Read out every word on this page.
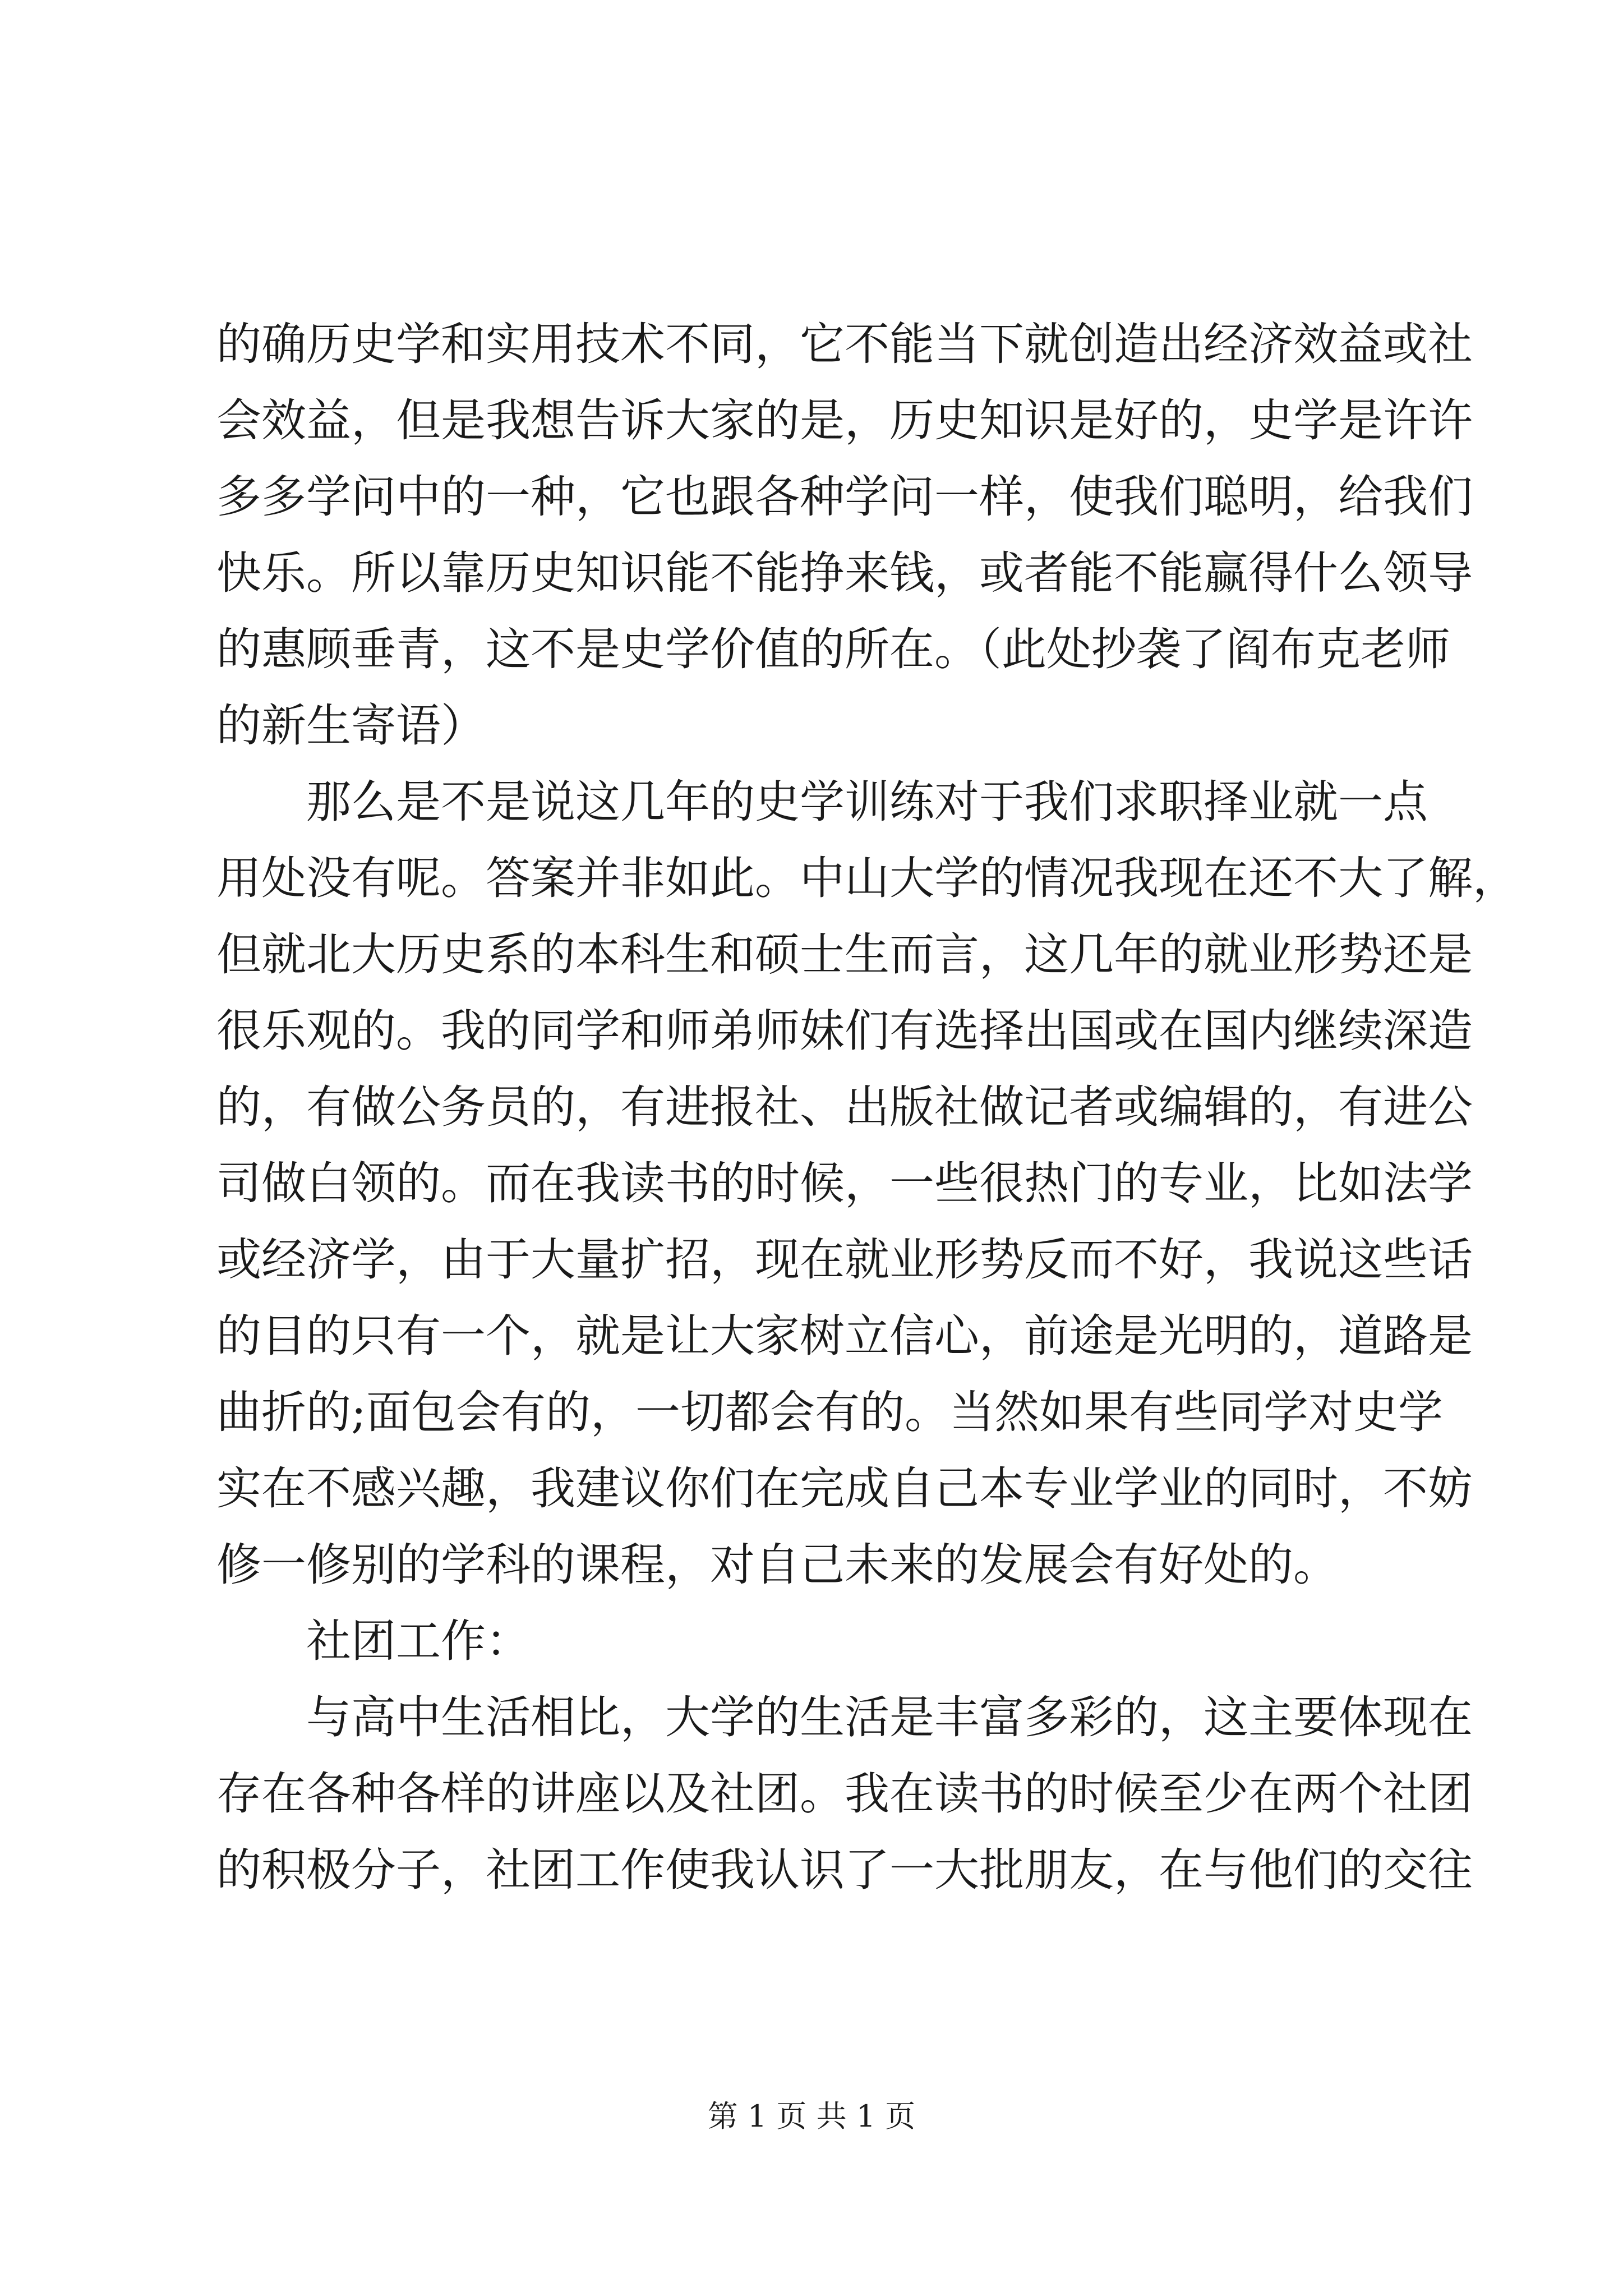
的确历史学和实用技术不同，它不能当下就创造出经济效益或社

会效益，但是我想告诉大家的是，历史知识是好的，史学是许许

多多学问中的一种，它也跟各种学问一样，使我们聪明，给我们

快乐。所以靠历史知识能不能挣来钱，或者能不能赢得什么领导

的惠顾垂青，这不是史学价值的所在。（此处抄袭了阎布克老师

的新生寄语）

那么是不是说这几年的史学训练对于我们求职择业就一点

用处没有呢。答案并非如此。中山大学的情况我现在还不大了解，

但就北大历史系的本科生和硕士生而言，这几年的就业形势还是

很乐观的。我的同学和师弟师妹们有选择出国或在国内继续深造

的，有做公务员的，有进报社、出版社做记者或编辑的，有进公

司做白领的。而在我读书的时候，一些很热门的专业，比如法学

或经济学，由于大量扩招，现在就业形势反而不好，我说这些话

的目的只有一个，就是让大家树立信心，前途是光明的，道路是

曲折的;面包会有的，一切都会有的。当然如果有些同学对史学

实在不感兴趣，我建议你们在完成自己本专业学业的同时，不妨

修一修别的学科的课程，对自己未来的发展会有好处的。

社团工作：

与高中生活相比，大学的生活是丰富多彩的，这主要体现在

存在各种各样的讲座以及社团。我在读书的时候至少在两个社团

的积极分子，社团工作使我认识了一大批朋友，在与他们的交往

第 1 页 共 1 页
